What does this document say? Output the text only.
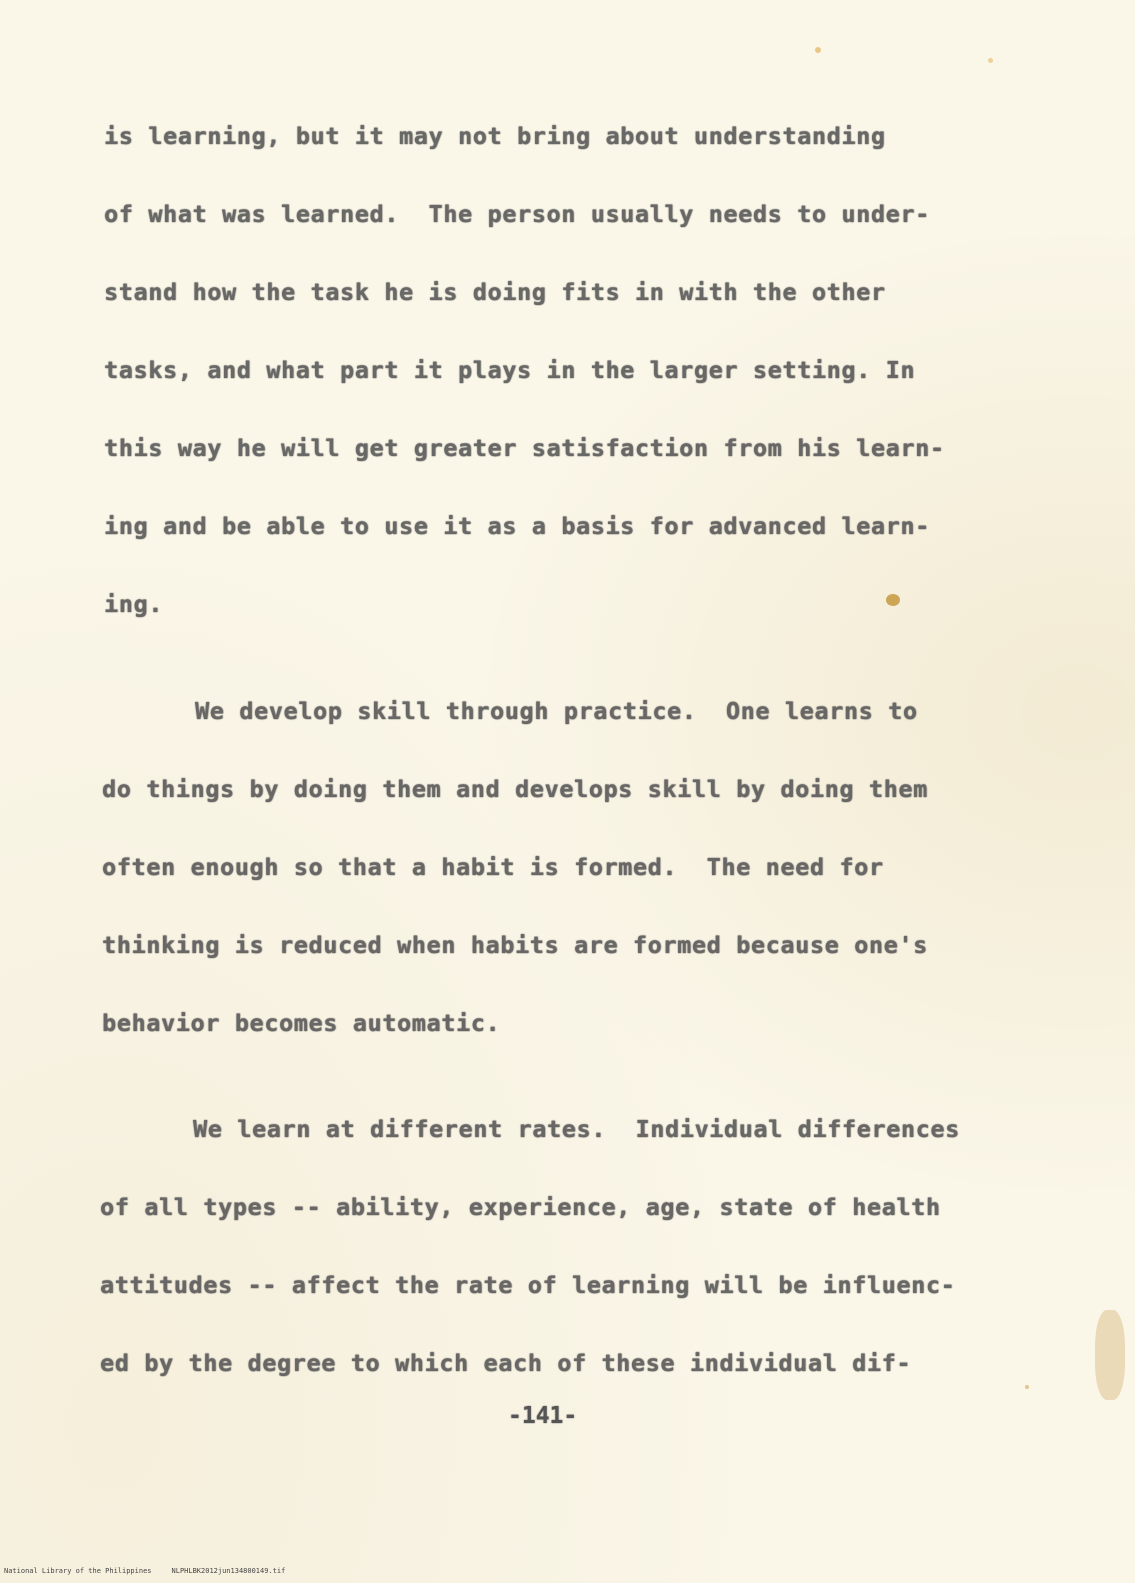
is learning, but it may not bring about understanding
of what was learned.  The person usually needs to under-
stand how the task he is doing fits in with the other
tasks, and what part it plays in the larger setting. In
this way he will get greater satisfaction from his learn-
ing and be able to use it as a basis for advanced learn-
ing.
We develop skill through practice.  One learns to
do things by doing them and develops skill by doing them
often enough so that a habit is formed.  The need for
thinking is reduced when habits are formed because one's
behavior becomes automatic.
We learn at different rates.  Individual differences
of all types -- ability, experience, age, state of health
attitudes -- affect the rate of learning will be influenc-
ed by the degree to which each of these individual dif-
-141-
National Library of the Philippines	NLPHLBK2012jun134800149.tif
